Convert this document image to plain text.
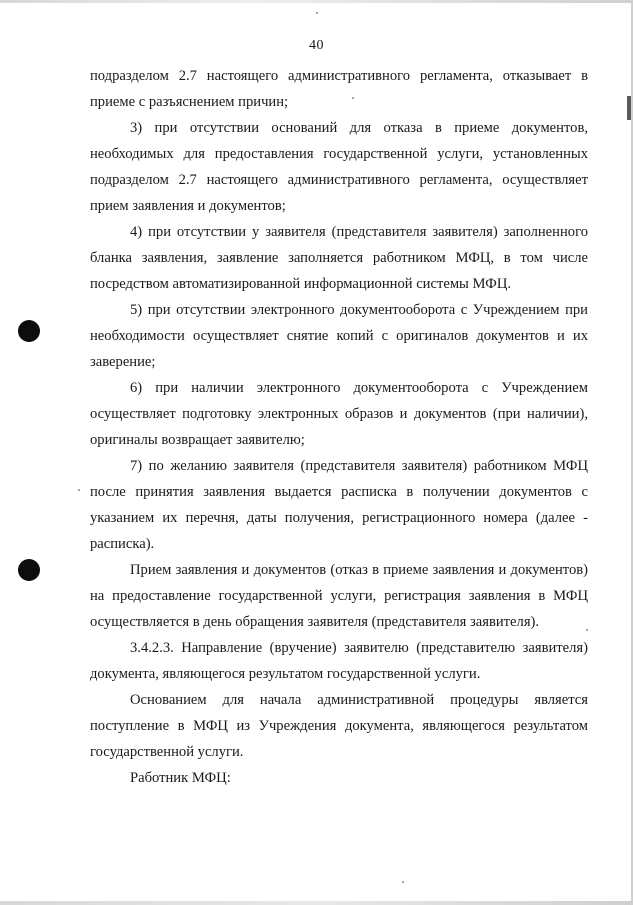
40

подразделом 2.7 настоящего административного регламента, отказывает в приеме с разъяснением причин;

3) при отсутствии оснований для отказа в приеме документов, необходимых для предоставления государственной услуги, установленных подразделом 2.7 настоящего административного регламента, осуществляет прием заявления и документов;

4) при отсутствии у заявителя (представителя заявителя) заполненного бланка заявления, заявление заполняется работником МФЦ, в том числе посредством автоматизированной информационной системы МФЦ.

5) при отсутствии электронного документооборота с Учреждением при необходимости осуществляет снятие копий с оригиналов документов и их заверение;

6) при наличии электронного документооборота с Учреждением осуществляет подготовку электронных образов и документов (при наличии), оригиналы возвращает заявителю;

7) по желанию заявителя (представителя заявителя) работником МФЦ после принятия заявления выдается расписка в получении документов с указанием их перечня, даты получения, регистрационного номера (далее - расписка).

Прием заявления и документов (отказ в приеме заявления и документов) на предоставление государственной услуги, регистрация заявления в МФЦ осуществляется в день обращения заявителя (представителя заявителя).

3.4.2.3. Направление (вручение) заявителю (представителю заявителя) документа, являющегося результатом государственной услуги.

Основанием для начала административной процедуры является поступление в МФЦ из Учреждения документа, являющегося результатом государственной услуги.

Работник МФЦ:
